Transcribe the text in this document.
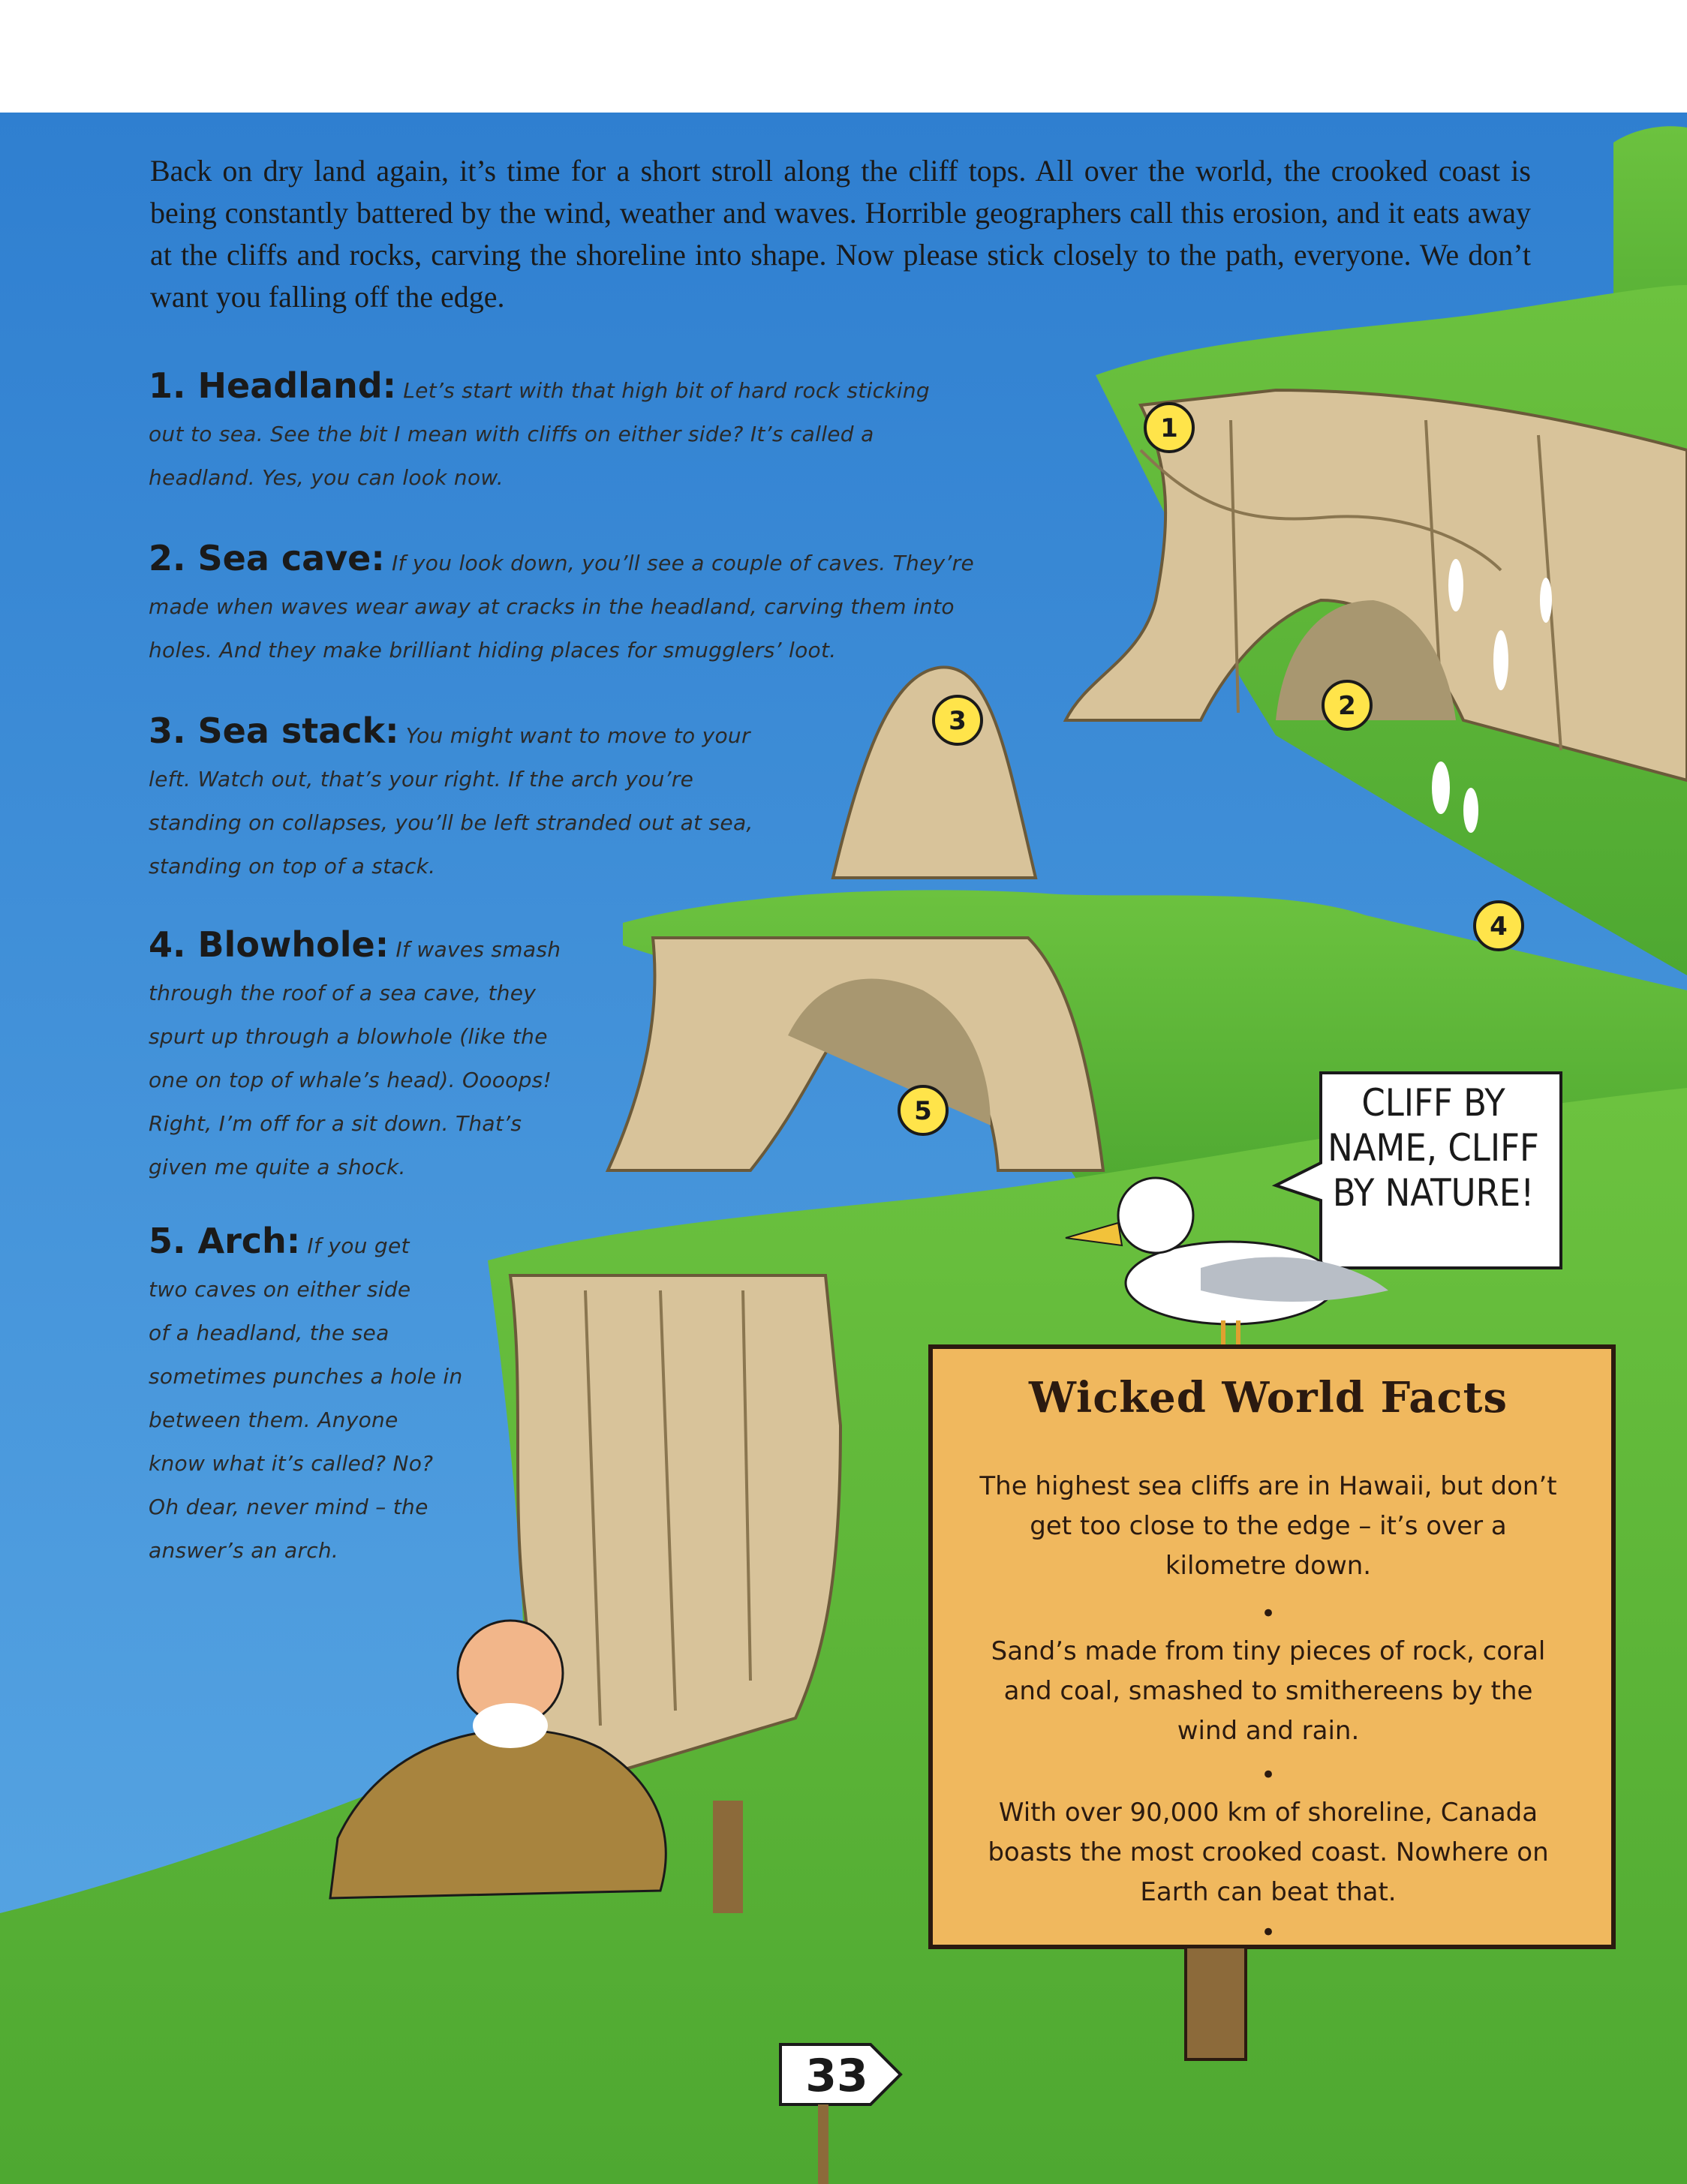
1
2
3
4
5

Back on dry land again, it’s time for a short stroll along the cliff tops. All over the world, the crooked coast is being constantly battered by the wind, weather and waves. Horrible geographers call this erosion, and it eats away at the cliffs and rocks, carving the shoreline into shape. Now please stick closely to the path, everyone. We don’t want you falling off the edge.

1. Headland: Let’s start with that high bit of hard rock sticking
out to sea. See the bit I mean with cliffs on either side? It’s called a
headland. Yes, you can look now.

2. Sea cave: If you look down, you’ll see a couple of caves. They’re
made when waves wear away at cracks in the headland, carving them into
holes. And they make brilliant hiding places for smugglers’ loot.

3. Sea stack: You might want to move to your
left. Watch out, that’s your right. If the arch you’re
standing on collapses, you’ll be left stranded out at sea,
standing on top of a stack.

4. Blowhole: If waves smash
through the roof of a sea cave, they
spurt up through a blowhole (like the
one on top of whale’s head). Oooops!
Right, I’m off for a sit down. That’s
given me quite a shock.

5. Arch: If you get
two caves on either side
of a headland, the sea
sometimes punches a hole in
between them. Anyone
know what it’s called? No?
Oh dear, never mind – the
answer’s an arch.

CLIFF BY
NAME, CLIFF
BY NATURE!

Wicked World Facts

The highest sea cliffs are in Hawaii, but don’t
get too close to the edge – it’s over a
kilometre down.

•

Sand’s made from tiny pieces of rock, coral
and coal, smashed to smithereens by the
wind and rain.

•

With over 90,000 km of shoreline, Canada
boasts the most crooked coast. Nowhere on
Earth can beat that.

•

33
